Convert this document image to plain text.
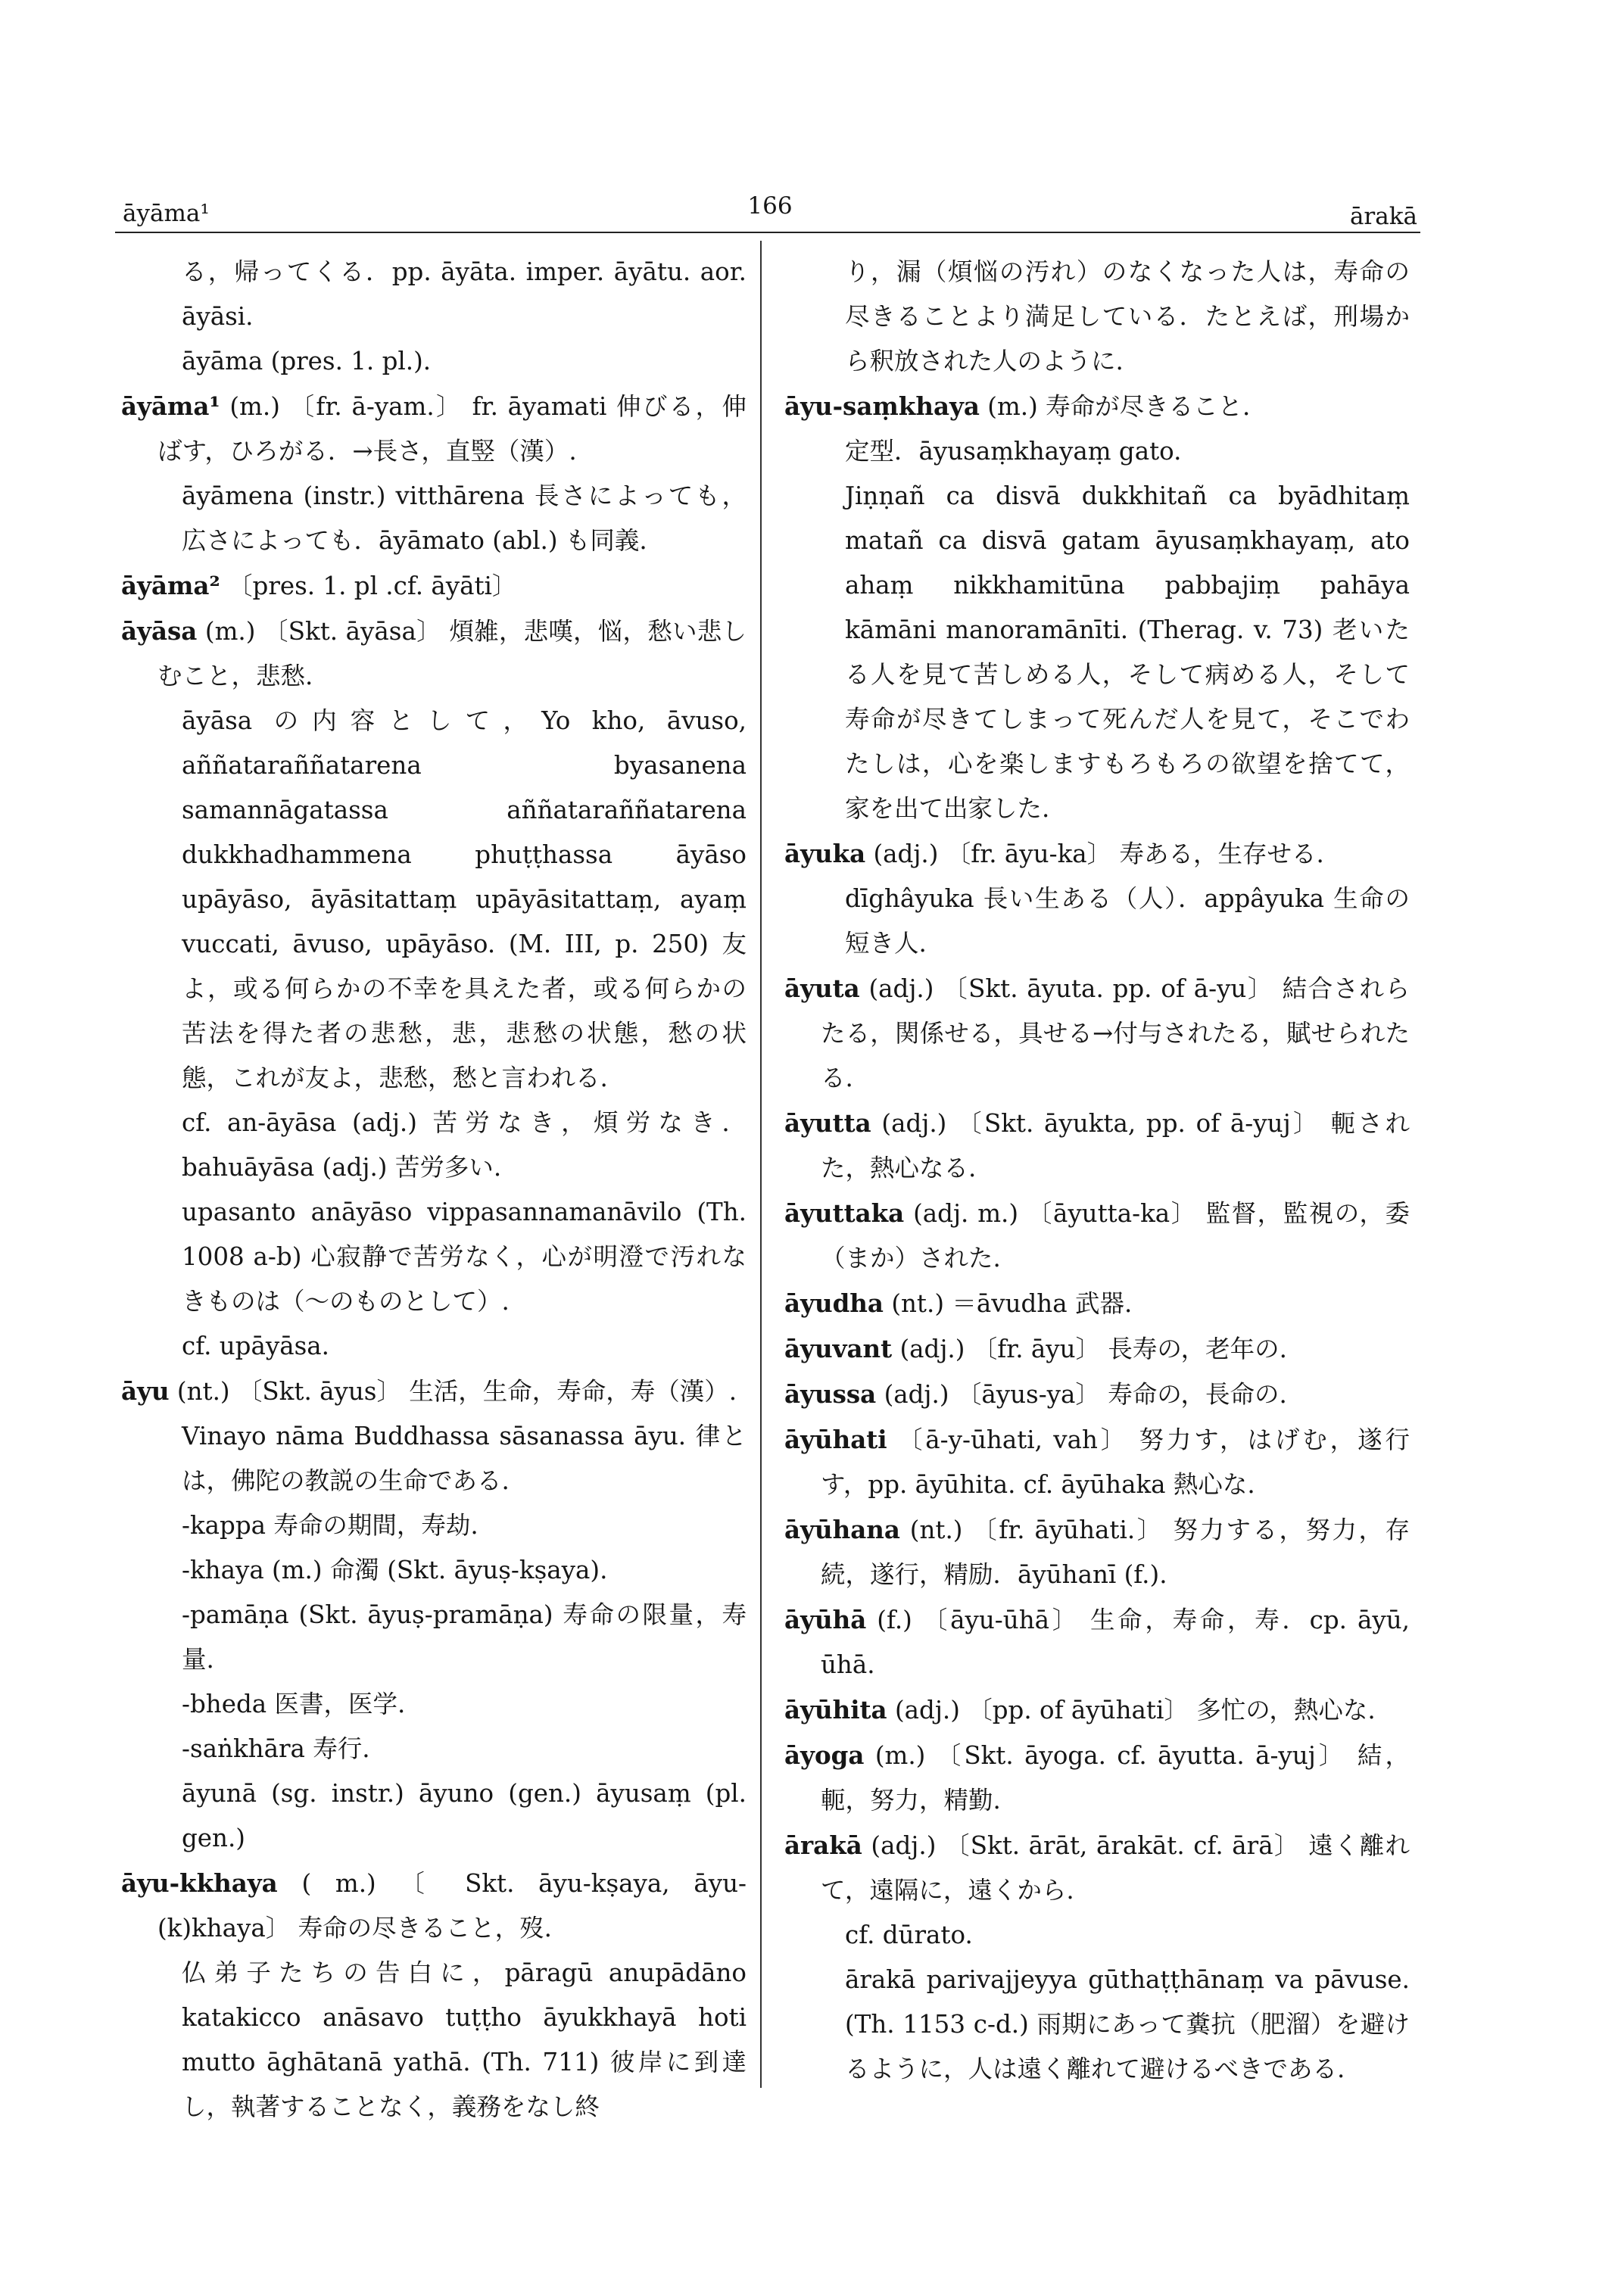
āyāma¹	166	ārakā

る，帰ってくる．pp. āyāta. imper. āyātu. aor. āyāsi.

āyāma (pres. 1. pl.).

āyāma¹ (m.) 〔fr. ā-yam.〕 fr. āyamati 伸びる，伸ばす，ひろがる．→長さ，直竪（漢）.

āyāmena (instr.) vitthārena 長さによっても，広さによっても．āyāmato (abl.) も同義.

āyāma² 〔pres. 1. pl .cf. āyāti〕

āyāsa (m.) 〔Skt. āyāsa〕 煩雑，悲嘆，悩，愁い悲しむこと，悲愁.

āyāsa の内容として，Yo kho, āvuso, aññatarаññatarena byasanena samannāgatassa aññatarаññatarena dukkhadhammena phuṭṭhassa āyāso upāyāso, āyāsitattaṃ upāyāsitattaṃ, ayaṃ vuccati, āvuso, upāyāso. (M. III, p. 250) 友よ，或る何らかの不幸を具えた者，或る何らかの苦法を得た者の悲愁，悲，悲愁の状態，愁の状態，これが友よ，悲愁，愁と言われる.

cf. an-āyāsa (adj.) 苦労なき，煩労なき．bahuāyāsa (adj.) 苦労多い.

upasanto anāyāso vippasannamanāvilo (Th. 1008 a-b) 心寂静で苦労なく，心が明澄で汚れなきものは（〜のものとして）.

cf. upāyāsa.

āyu (nt.) 〔Skt. āyus〕 生活，生命，寿命，寿（漢）.

Vinayo nāma Buddhassa sāsanassa āyu. 律とは，佛陀の教説の生命である.

-kappa 寿命の期間，寿劫.

-khaya (m.) 命濁 (Skt. āyuṣ-kṣaya).

-pamāṇa (Skt. āyuṣ-pramāṇa) 寿命の限量，寿量.

-bheda 医書，医学.

-saṅkhāra 寿行.

āyunā (sg. instr.) āyuno (gen.) āyusaṃ (pl. gen.)

āyu-kkhaya ( m.) 〔 Skt. āyu-kṣaya, āyu-(k)khaya〕 寿命の尽きること，歿.

仏弟子たちの告白に，pāragū anupādāno katakicco anāsavo tuṭṭho āyukkhayā hoti mutto āghātanā yathā. (Th. 711) 彼岸に到達し，執著することなく，義務をなし終

り，漏（煩悩の汚れ）のなくなった人は，寿命の尽きることより満足している．たとえば，刑場から釈放された人のように.

āyu-saṃkhaya (m.) 寿命が尽きること．

定型．āyusaṃkhayaṃ gato.

Jiṇṇañ ca disvā dukkhitañ ca byādhitaṃ matañ ca disvā gatam āyusaṃkhayaṃ, ato ahaṃ nikkhamitūna pabbajiṃ pahāya kāmāni manoramānīti. (Therag. v. 73) 老いたる人を見て苦しめる人，そして病める人，そして寿命が尽きてしまって死んだ人を見て，そこでわたしは，心を楽しますもろもろの欲望を捨てて，家を出て出家した.

āyuka (adj.) 〔fr. āyu-ka〕 寿ある，生存せる.

dīghâyuka 長い生ある（人）．appâyuka 生命の短き人.

āyuta (adj.) 〔Skt. āyuta. pp. of ā-yu〕 結合されらたる，関係せる，具せる→付与されたる，賦せられたる.

āyutta (adj.) 〔Skt. āyukta, pp. of ā-yuj〕 軛された，熱心なる.

āyuttaka (adj. m.) 〔āyutta-ka〕 監督，監視の，委（まか）された.

āyudha (nt.) ＝āvudha 武器.

āyuvant (adj.) 〔fr. āyu〕 長寿の，老年の.

āyussa (adj.) 〔āyus-ya〕 寿命の，長命の.

āyūhati 〔ā-y-ūhati, vah〕 努力す，はげむ，遂行す，pp. āyūhita. cf. āyūhaka 熱心な.

āyūhana (nt.) 〔fr. āyūhati.〕 努力する，努力，存続，遂行，精励．āyūhanī (f.).

āyūhā (f.) 〔āyu-ūhā〕 生命，寿命，寿．cp. āyū, ūhā.

āyūhita (adj.) 〔pp. of āyūhati〕 多忙の，熱心な.

āyoga (m.) 〔Skt. āyoga. cf. āyutta. ā-yuj〕 結，軛，努力，精勤.

ārakā (adj.) 〔Skt. ārāt, ārakāt. cf. ārā〕 遠く離れて，遠隔に，遠くから.

cf. dūrato.

ārakā parivajjeyya gūthaṭṭhānaṃ va pāvuse. (Th. 1153 c-d.) 雨期にあって糞抗（肥溜）を避けるように，人は遠く離れて避けるべきである.
